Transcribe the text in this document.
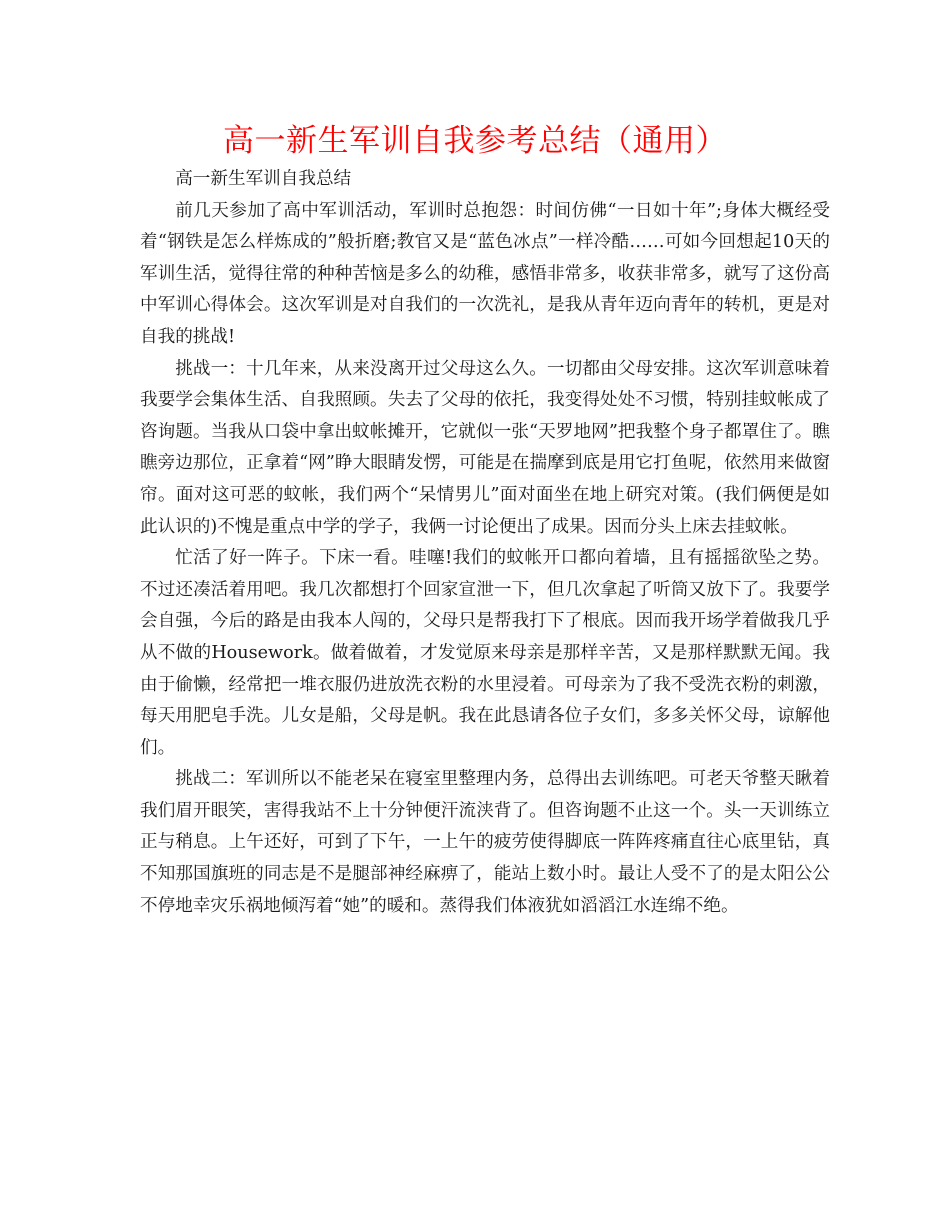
高一新生军训自我参考总结（通用）

高一新生军训自我总结

前几天参加了高中军训活动，军训时总抱怨：时间仿佛“一日如十年”;身体大概经受着“钢铁是怎么样炼成的”般折磨;教官又是“蓝色冰点”一样冷酷……可如今回想起10天的军训生活，觉得往常的种种苦恼是多么的幼稚，感悟非常多，收获非常多，就写了这份高中军训心得体会。这次军训是对自我们的一次洗礼，是我从青年迈向青年的转机，更是对自我的挑战!

挑战一：十几年来，从来没离开过父母这么久。一切都由父母安排。这次军训意味着我要学会集体生活、自我照顾。失去了父母的依托，我变得处处不习惯，特别挂蚊帐成了咨询题。当我从口袋中拿出蚊帐摊开，它就似一张“天罗地网”把我整个身子都罩住了。瞧瞧旁边那位，正拿着“网”睁大眼睛发愣，可能是在揣摩到底是用它打鱼呢，依然用来做窗帘。面对这可恶的蚊帐，我们两个“呆情男儿”面对面坐在地上研究对策。(我们俩便是如此认识的)不愧是重点中学的学子，我俩一讨论便出了成果。因而分头上床去挂蚊帐。

忙活了好一阵子。下床一看。哇噻!我们的蚊帐开口都向着墙，且有摇摇欲坠之势。不过还凑活着用吧。我几次都想打个回家宣泄一下，但几次拿起了听筒又放下了。我要学会自强，今后的路是由我本人闯的，父母只是帮我打下了根底。因而我开场学着做我几乎从不做的Housework。做着做着，才发觉原来母亲是那样辛苦，又是那样默默无闻。我由于偷懒，经常把一堆衣服仍进放洗衣粉的水里浸着。可母亲为了我不受洗衣粉的刺激，每天用肥皂手洗。儿女是船，父母是帆。我在此恳请各位子女们，多多关怀父母，谅解他们。

挑战二：军训所以不能老呆在寝室里整理内务，总得出去训练吧。可老天爷整天瞅着我们眉开眼笑，害得我站不上十分钟便汗流浃背了。但咨询题不止这一个。头一天训练立正与稍息。上午还好，可到了下午，一上午的疲劳使得脚底一阵阵疼痛直往心底里钻，真不知那国旗班的同志是不是腿部神经麻痹了，能站上数小时。最让人受不了的是太阳公公不停地幸灾乐祸地倾泻着“她”的暖和。蒸得我们体液犹如滔滔江水连绵不绝。
